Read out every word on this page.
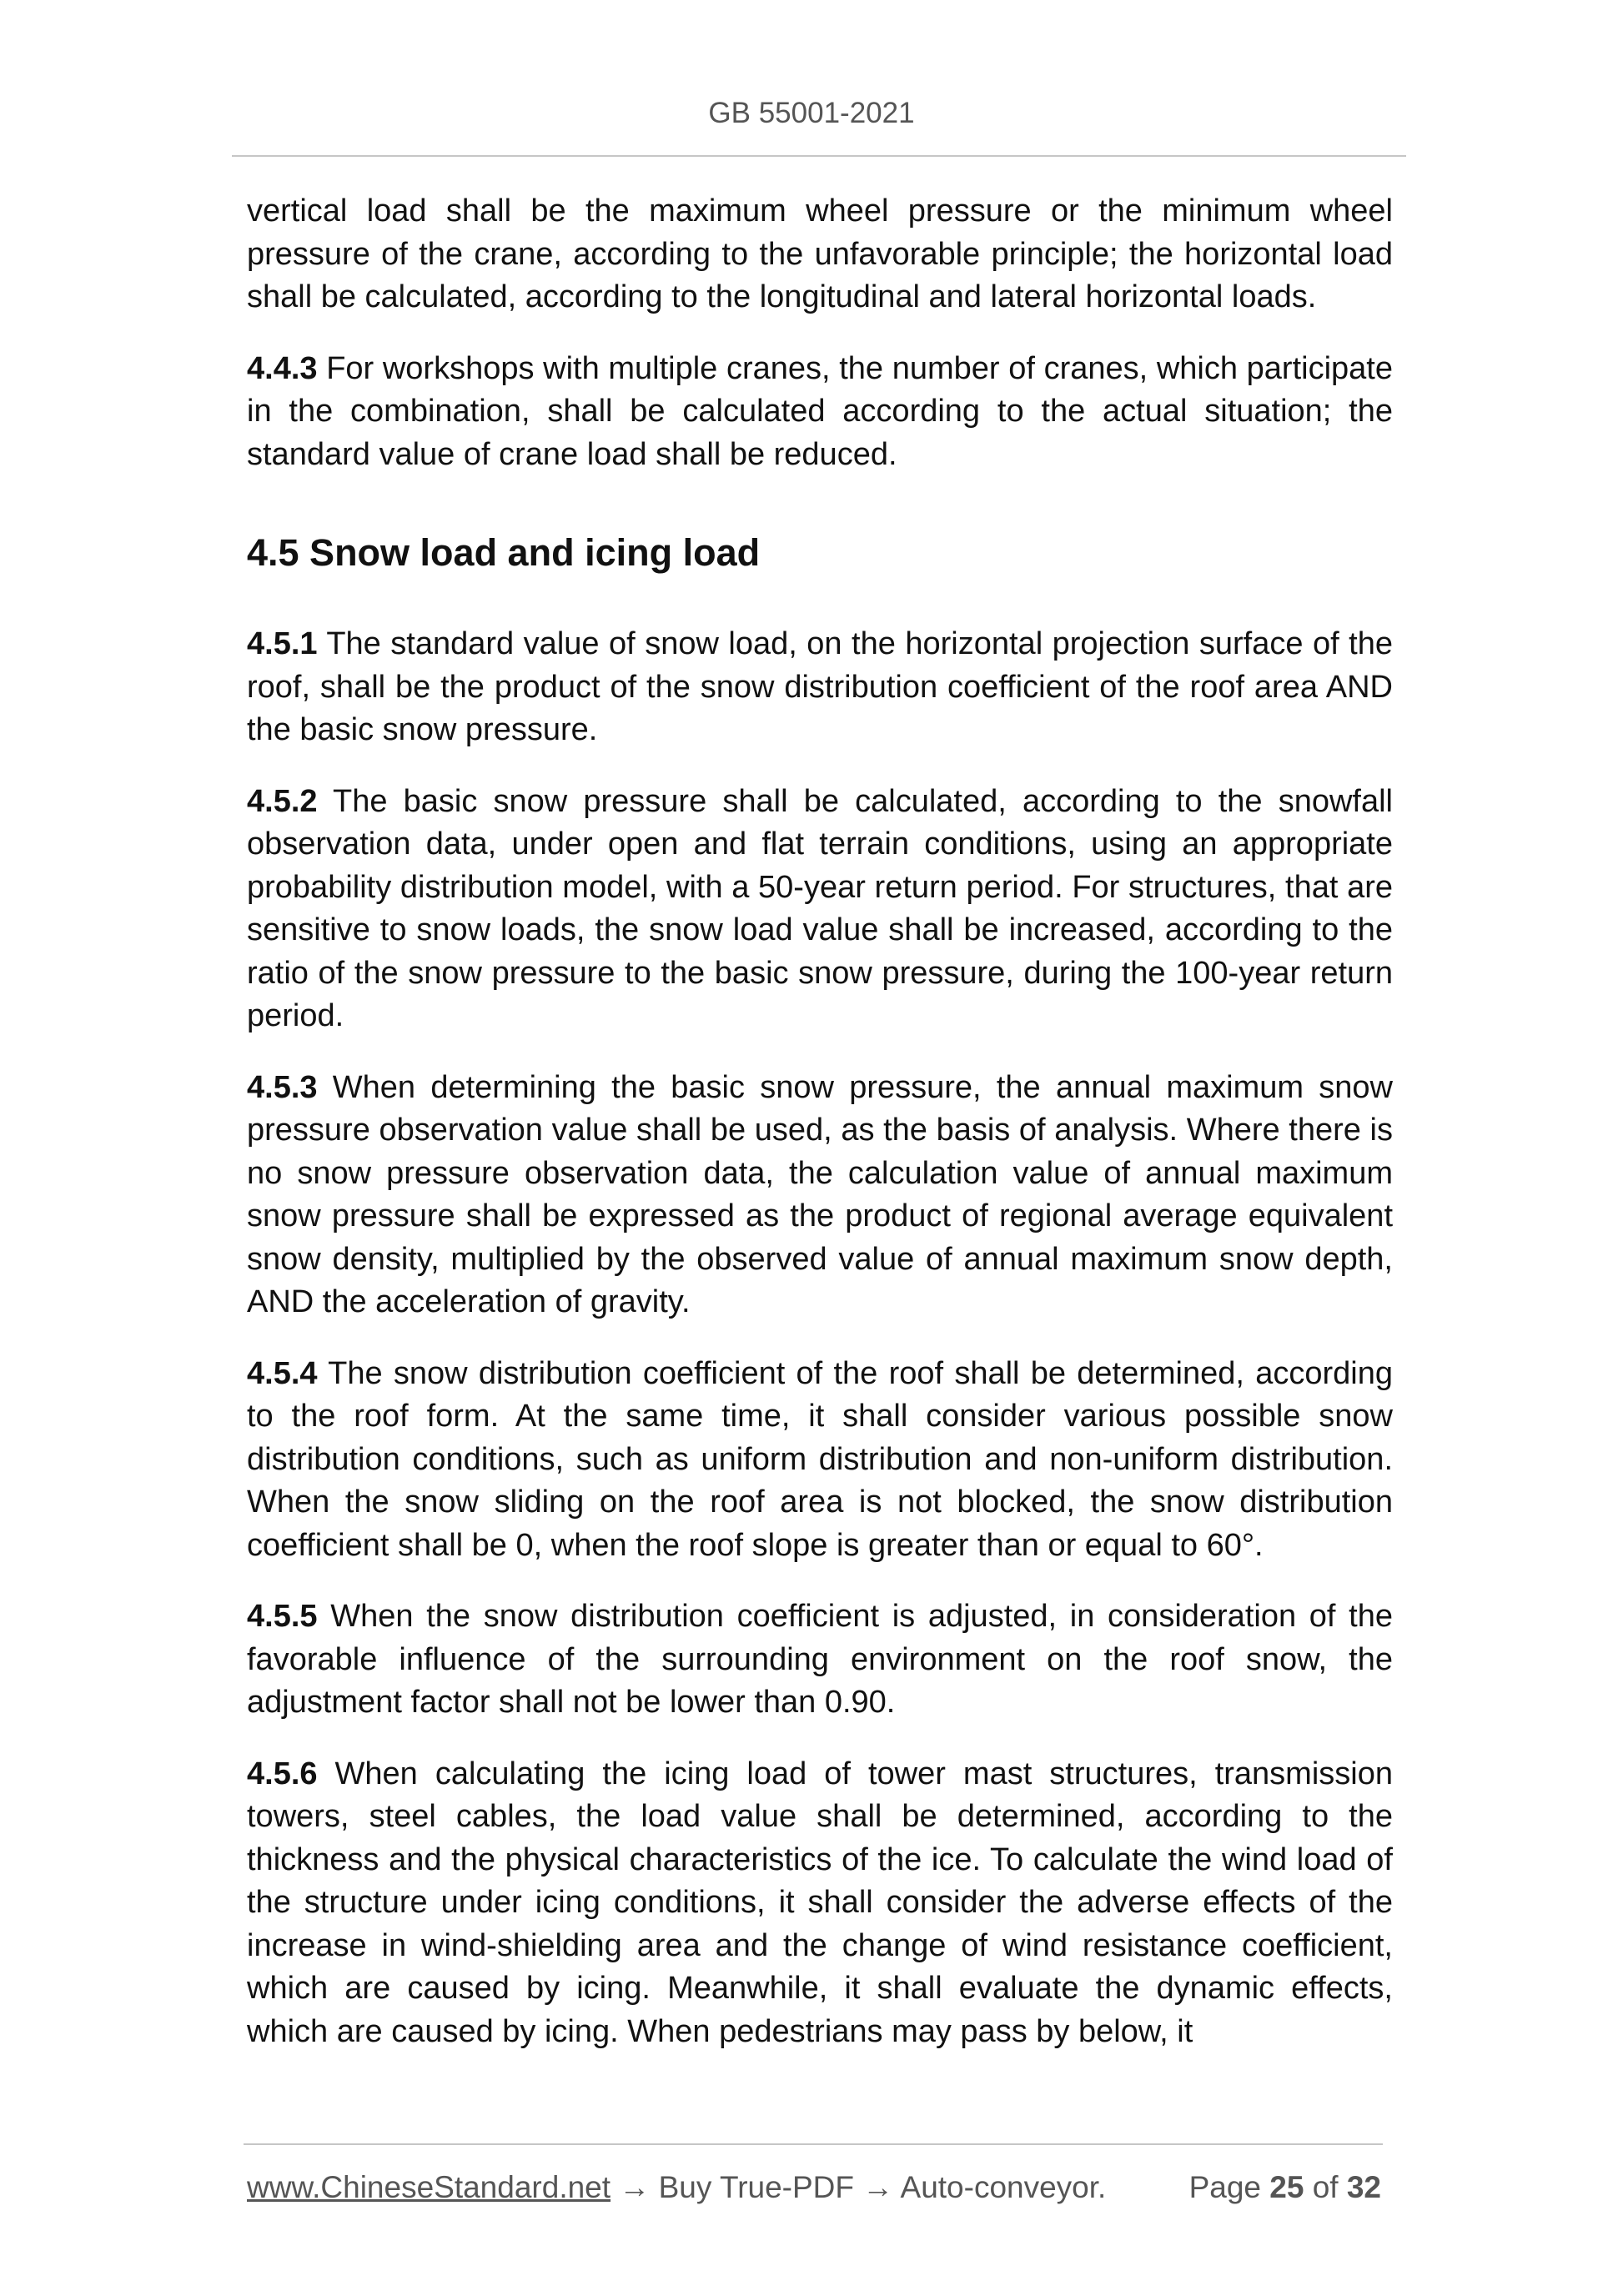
GB 55001-2021

vertical load shall be the maximum wheel pressure or the minimum wheel pressure of the crane, according to the unfavorable principle; the horizontal load shall be calculated, according to the longitudinal and lateral horizontal loads.

4.4.3 For workshops with multiple cranes, the number of cranes, which participate in the combination, shall be calculated according to the actual situation; the standard value of crane load shall be reduced.

4.5 Snow load and icing load

4.5.1 The standard value of snow load, on the horizontal projection surface of the roof, shall be the product of the snow distribution coefficient of the roof area AND the basic snow pressure.

4.5.2 The basic snow pressure shall be calculated, according to the snowfall observation data, under open and flat terrain conditions, using an appropriate probability distribution model, with a 50-year return period. For structures, that are sensitive to snow loads, the snow load value shall be increased, according to the ratio of the snow pressure to the basic snow pressure, during the 100-year return period.

4.5.3 When determining the basic snow pressure, the annual maximum snow pressure observation value shall be used, as the basis of analysis. Where there is no snow pressure observation data, the calculation value of annual maximum snow pressure shall be expressed as the product of regional average equivalent snow density, multiplied by the observed value of annual maximum snow depth, AND the acceleration of gravity.

4.5.4 The snow distribution coefficient of the roof shall be determined, according to the roof form. At the same time, it shall consider various possible snow distribution conditions, such as uniform distribution and non-uniform distribution. When the snow sliding on the roof area is not blocked, the snow distribution coefficient shall be 0, when the roof slope is greater than or equal to 60°.

4.5.5 When the snow distribution coefficient is adjusted, in consideration of the favorable influence of the surrounding environment on the roof snow, the adjustment factor shall not be lower than 0.90.

4.5.6 When calculating the icing load of tower mast structures, transmission towers, steel cables, the load value shall be determined, according to the thickness and the physical characteristics of the ice. To calculate the wind load of the structure under icing conditions, it shall consider the adverse effects of the increase in wind-shielding area and the change of wind resistance coefficient, which are caused by icing. Meanwhile, it shall evaluate the dynamic effects, which are caused by icing. When pedestrians may pass by below, it

www.ChineseStandard.net → Buy True-PDF → Auto-conveyor.	Page 25 of 32
